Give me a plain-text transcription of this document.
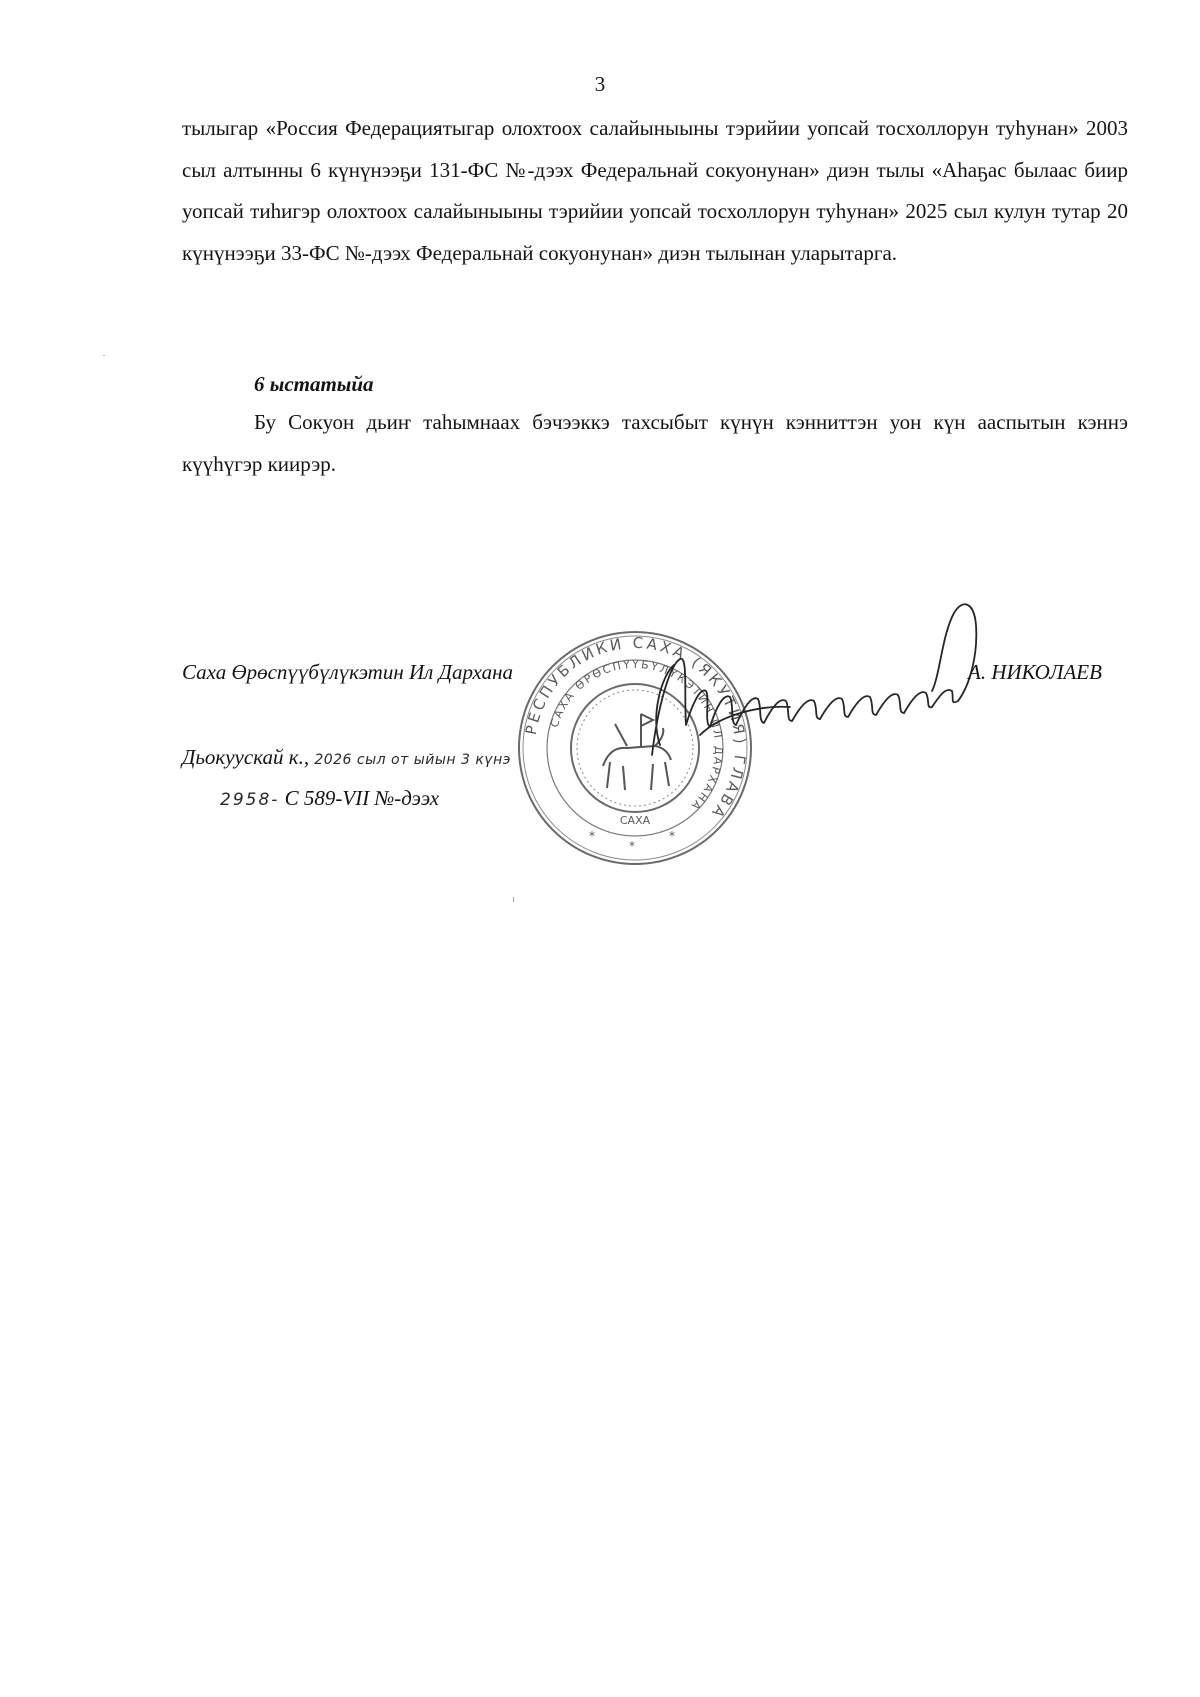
3

тылыгар «Россия Федерациятыгар олохтоох салайыныыны тэрийии уопсай тосхоллорун туһунан» 2003 сыл алтынны 6 күнүнээҕи 131-ФС №-дээх Федеральнай сокуонунан» диэн тылы «Аһаҕас былаас биир уопсай тиһигэр олохтоох салайыныыны тэрийии уопсай тосхоллорун туһунан» 2025 сыл кулун тутар 20 күнүнээҕи 33-ФС №-дээх Федеральнай сокуонунан» диэн тылынан уларытарга.

6 ыстатыйа

Бу Сокуон дьиҥ таһымнаах бэчээккэ тахсыбыт күнүн кэнниттэн уон күн ааспытын кэннэ күүһүгэр киирэр.

РЕСПУБЛИКИ САХА (ЯКУТИЯ) ГЛАВА
САХА ӨРӨСПҮҮБҮЛҮКЭТИН ИЛ ДАРХАНА
САХА
*
*
*

Саха Өрөспүүбүлүкэтин Ил Дархана	А. НИКОЛАЕВ

Дьокуускай к., 2026 сыл от ыйын 3 күнэ

2958- С 589-VII №-дээх
